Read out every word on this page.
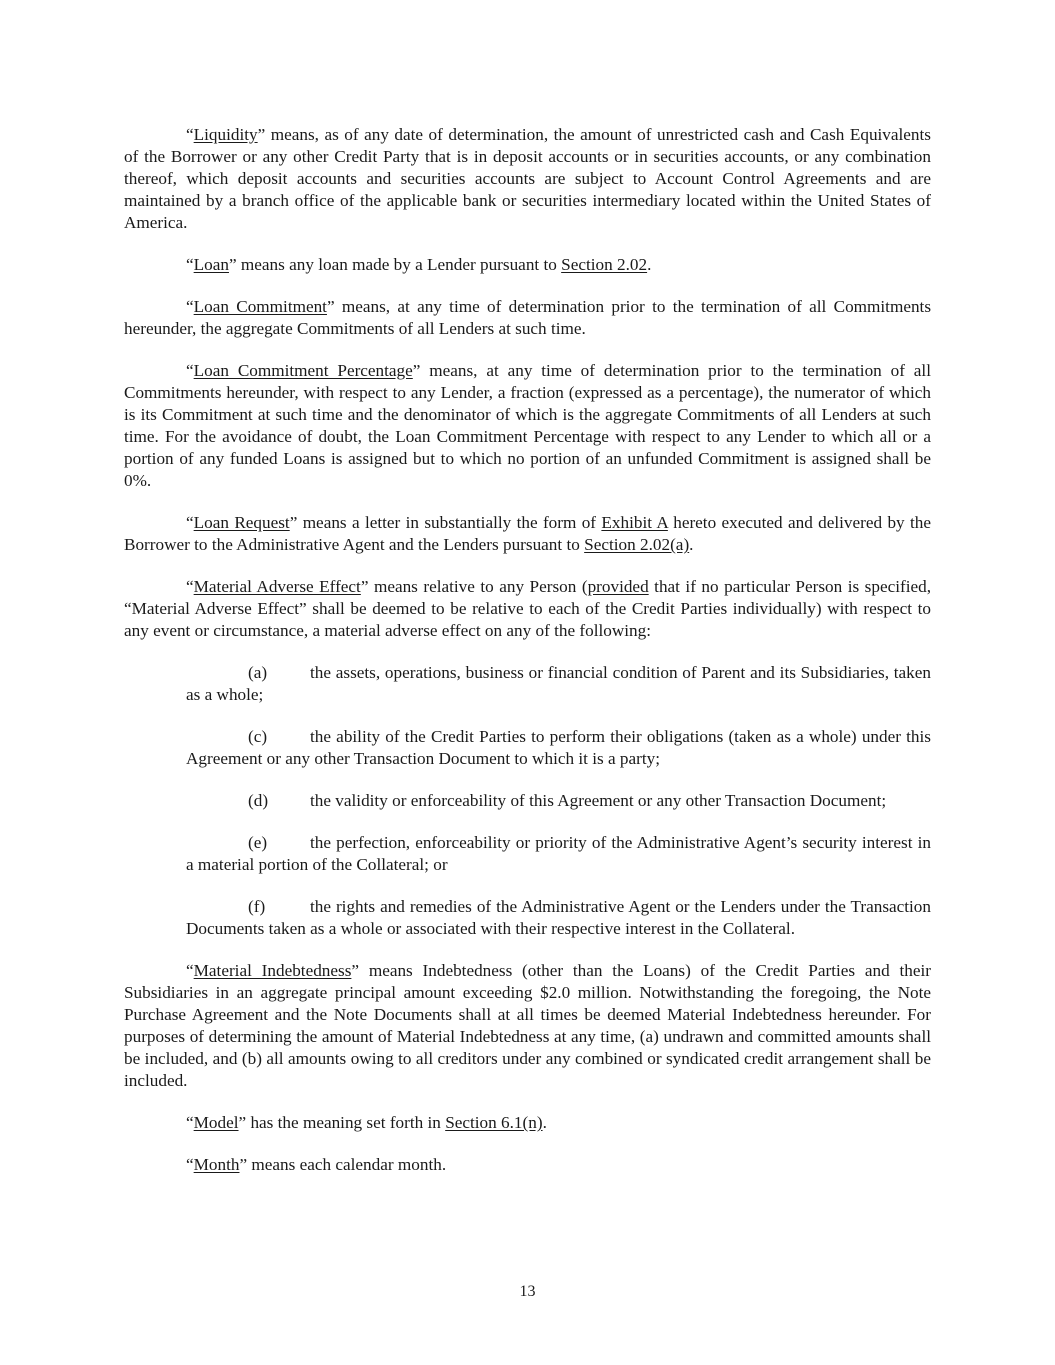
“Liquidity” means, as of any date of determination, the amount of unrestricted cash and Cash Equivalents of the Borrower or any other Credit Party that is in deposit accounts or in securities accounts, or any combination thereof, which deposit accounts and securities accounts are subject to Account Control Agreements and are maintained by a branch office of the applicable bank or securities intermediary located within the United States of America.

“Loan” means any loan made by a Lender pursuant to Section 2.02.

“Loan Commitment” means, at any time of determination prior to the termination of all Commitments hereunder, the aggregate Commitments of all Lenders at such time.

“Loan Commitment Percentage” means, at any time of determination prior to the termination of all Commitments hereunder, with respect to any Lender, a fraction (expressed as a percentage), the numerator of which is its Commitment at such time and the denominator of which is the aggregate Commitments of all Lenders at such time. For the avoidance of doubt, the Loan Commitment Percentage with respect to any Lender to which all or a portion of any funded Loans is assigned but to which no portion of an unfunded Commitment is assigned shall be 0%.

“Loan Request” means a letter in substantially the form of Exhibit A hereto executed and delivered by the Borrower to the Administrative Agent and the Lenders pursuant to Section 2.02(a).

“Material Adverse Effect” means relative to any Person (provided that if no particular Person is specified, “Material Adverse Effect” shall be deemed to be relative to each of the Credit Parties individually) with respect to any event or circumstance, a material adverse effect on any of the following:

(a) the assets, operations, business or financial condition of Parent and its Subsidiaries, taken as a whole;

(c) the ability of the Credit Parties to perform their obligations (taken as a whole) under this Agreement or any other Transaction Document to which it is a party;

(d) the validity or enforceability of this Agreement or any other Transaction Document;

(e) the perfection, enforceability or priority of the Administrative Agent’s security interest in a material portion of the Collateral; or

(f)	the rights and remedies of the Administrative Agent or the Lenders under the Transaction Documents taken as a whole or associated with their respective interest in the Collateral.

“Material Indebtedness” means Indebtedness (other than the Loans) of the Credit Parties and their Subsidiaries in an aggregate principal amount exceeding $2.0 million. Notwithstanding the foregoing, the Note Purchase Agreement and the Note Documents shall at all times be deemed Material Indebtedness hereunder. For purposes of determining the amount of Material Indebtedness at any time, (a) undrawn and committed amounts shall be included, and (b) all amounts owing to all creditors under any combined or syndicated credit arrangement shall be included.

“Model” has the meaning set forth in Section 6.1(n).

“Month” means each calendar month.

13
